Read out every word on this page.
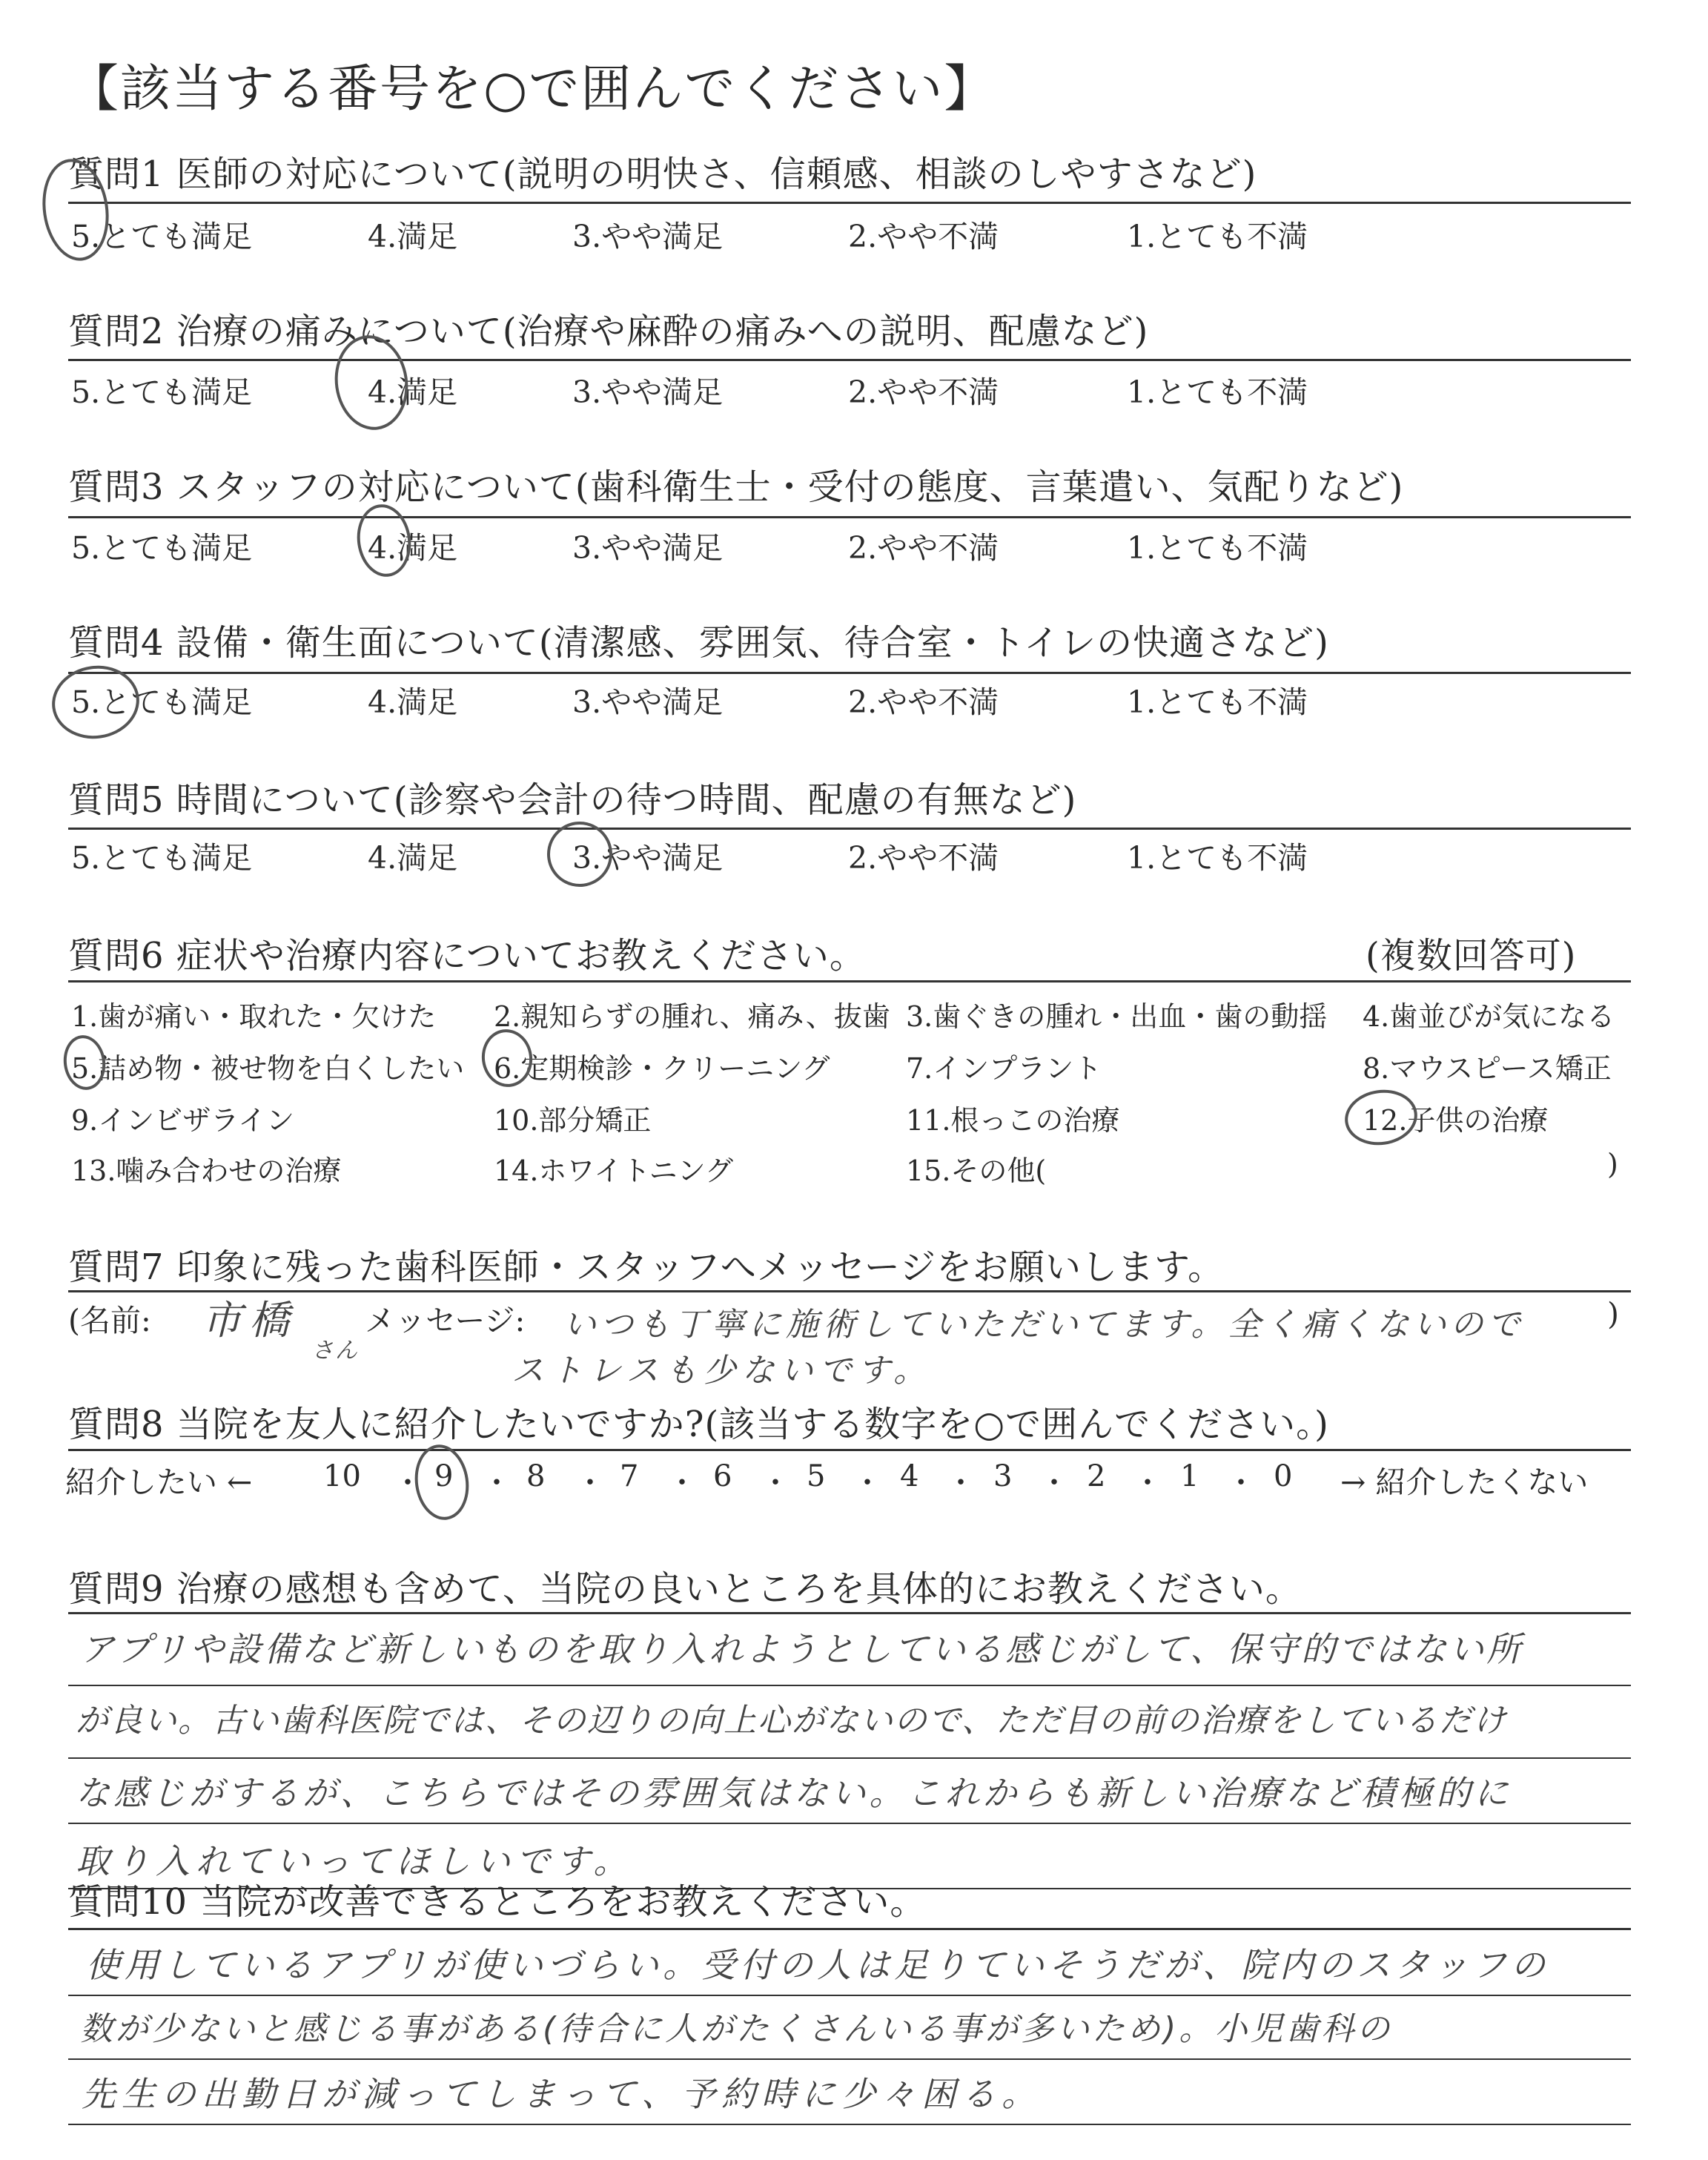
【該当する番号を○で囲んでください】
質問1 医師の対応について(説明の明快さ、信頼感、相談のしやすさなど)
5.とても満足	4.満足	3.やや満足	2.やや不満	1.とても不満
質問2 治療の痛みについて(治療や麻酔の痛みへの説明、配慮など)
5.とても満足	4.満足	3.やや満足	2.やや不満	1.とても不満
質問3 スタッフの対応について(歯科衛生士・受付の態度、言葉遣い、気配りなど)
5.とても満足	4.満足	3.やや満足	2.やや不満	1.とても不満
質問4 設備・衛生面について(清潔感、雰囲気、待合室・トイレの快適さなど)
5.とても満足	4.満足	3.やや満足	2.やや不満	1.とても不満
質問5 時間について(診察や会計の待つ時間、配慮の有無など)
5.とても満足	4.満足	3.やや満足	2.やや不満	1.とても不満
質問6 症状や治療内容についてお教えください。	(複数回答可)
1.歯が痛い・取れた・欠けた 2.親知らずの腫れ、痛み、抜歯 3.歯ぐきの腫れ・出血・歯の動揺 4.歯並びが気になる
5.詰め物・被せ物を白くしたい 6.定期検診・クリーニング	7.インプラント	8.マウスピース矯正
9.インビザライン	10.部分矯正	11.根っこの治療	12.子供の治療
13.噛み合わせの治療	14.ホワイトニング	15.その他(	)
質問7 印象に残った歯科医師・スタッフへメッセージをお願いします。
(名前: 市橋
さん
メッセージ: いつも丁寧に施術していただいてます。全く痛くないので
ストレスも少ないです。
)
質問8 当院を友人に紹介したいですか?(該当する数字を○で囲んでください。)
紹介したい ←	→ 紹介したくない
10 ・ 9 ・ 8 ・ 7 ・ 6 ・ 5 ・ 4 ・ 3 ・ 2 ・ 1 ・ 0
質問9 治療の感想も含めて、当院の良いところを具体的にお教えください。
アプリや設備など新しいものを取り入れようとしている感じがして、保守的ではない所
が良い。古い歯科医院では、その辺りの向上心がないので、ただ目の前の治療をしているだけ
な感じがするが、こちらではその雰囲気はない。これからも新しい治療など積極的に
取り入れていってほしいです。
質問10 当院が改善できるところをお教えください。
使用しているアプリが使いづらい。受付の人は足りていそうだが、院内のスタッフの
数が少ないと感じる事がある(待合に人がたくさんいる事が多いため)。小児歯科の
先生の出勤日が減ってしまって、予約時に少々困る。
